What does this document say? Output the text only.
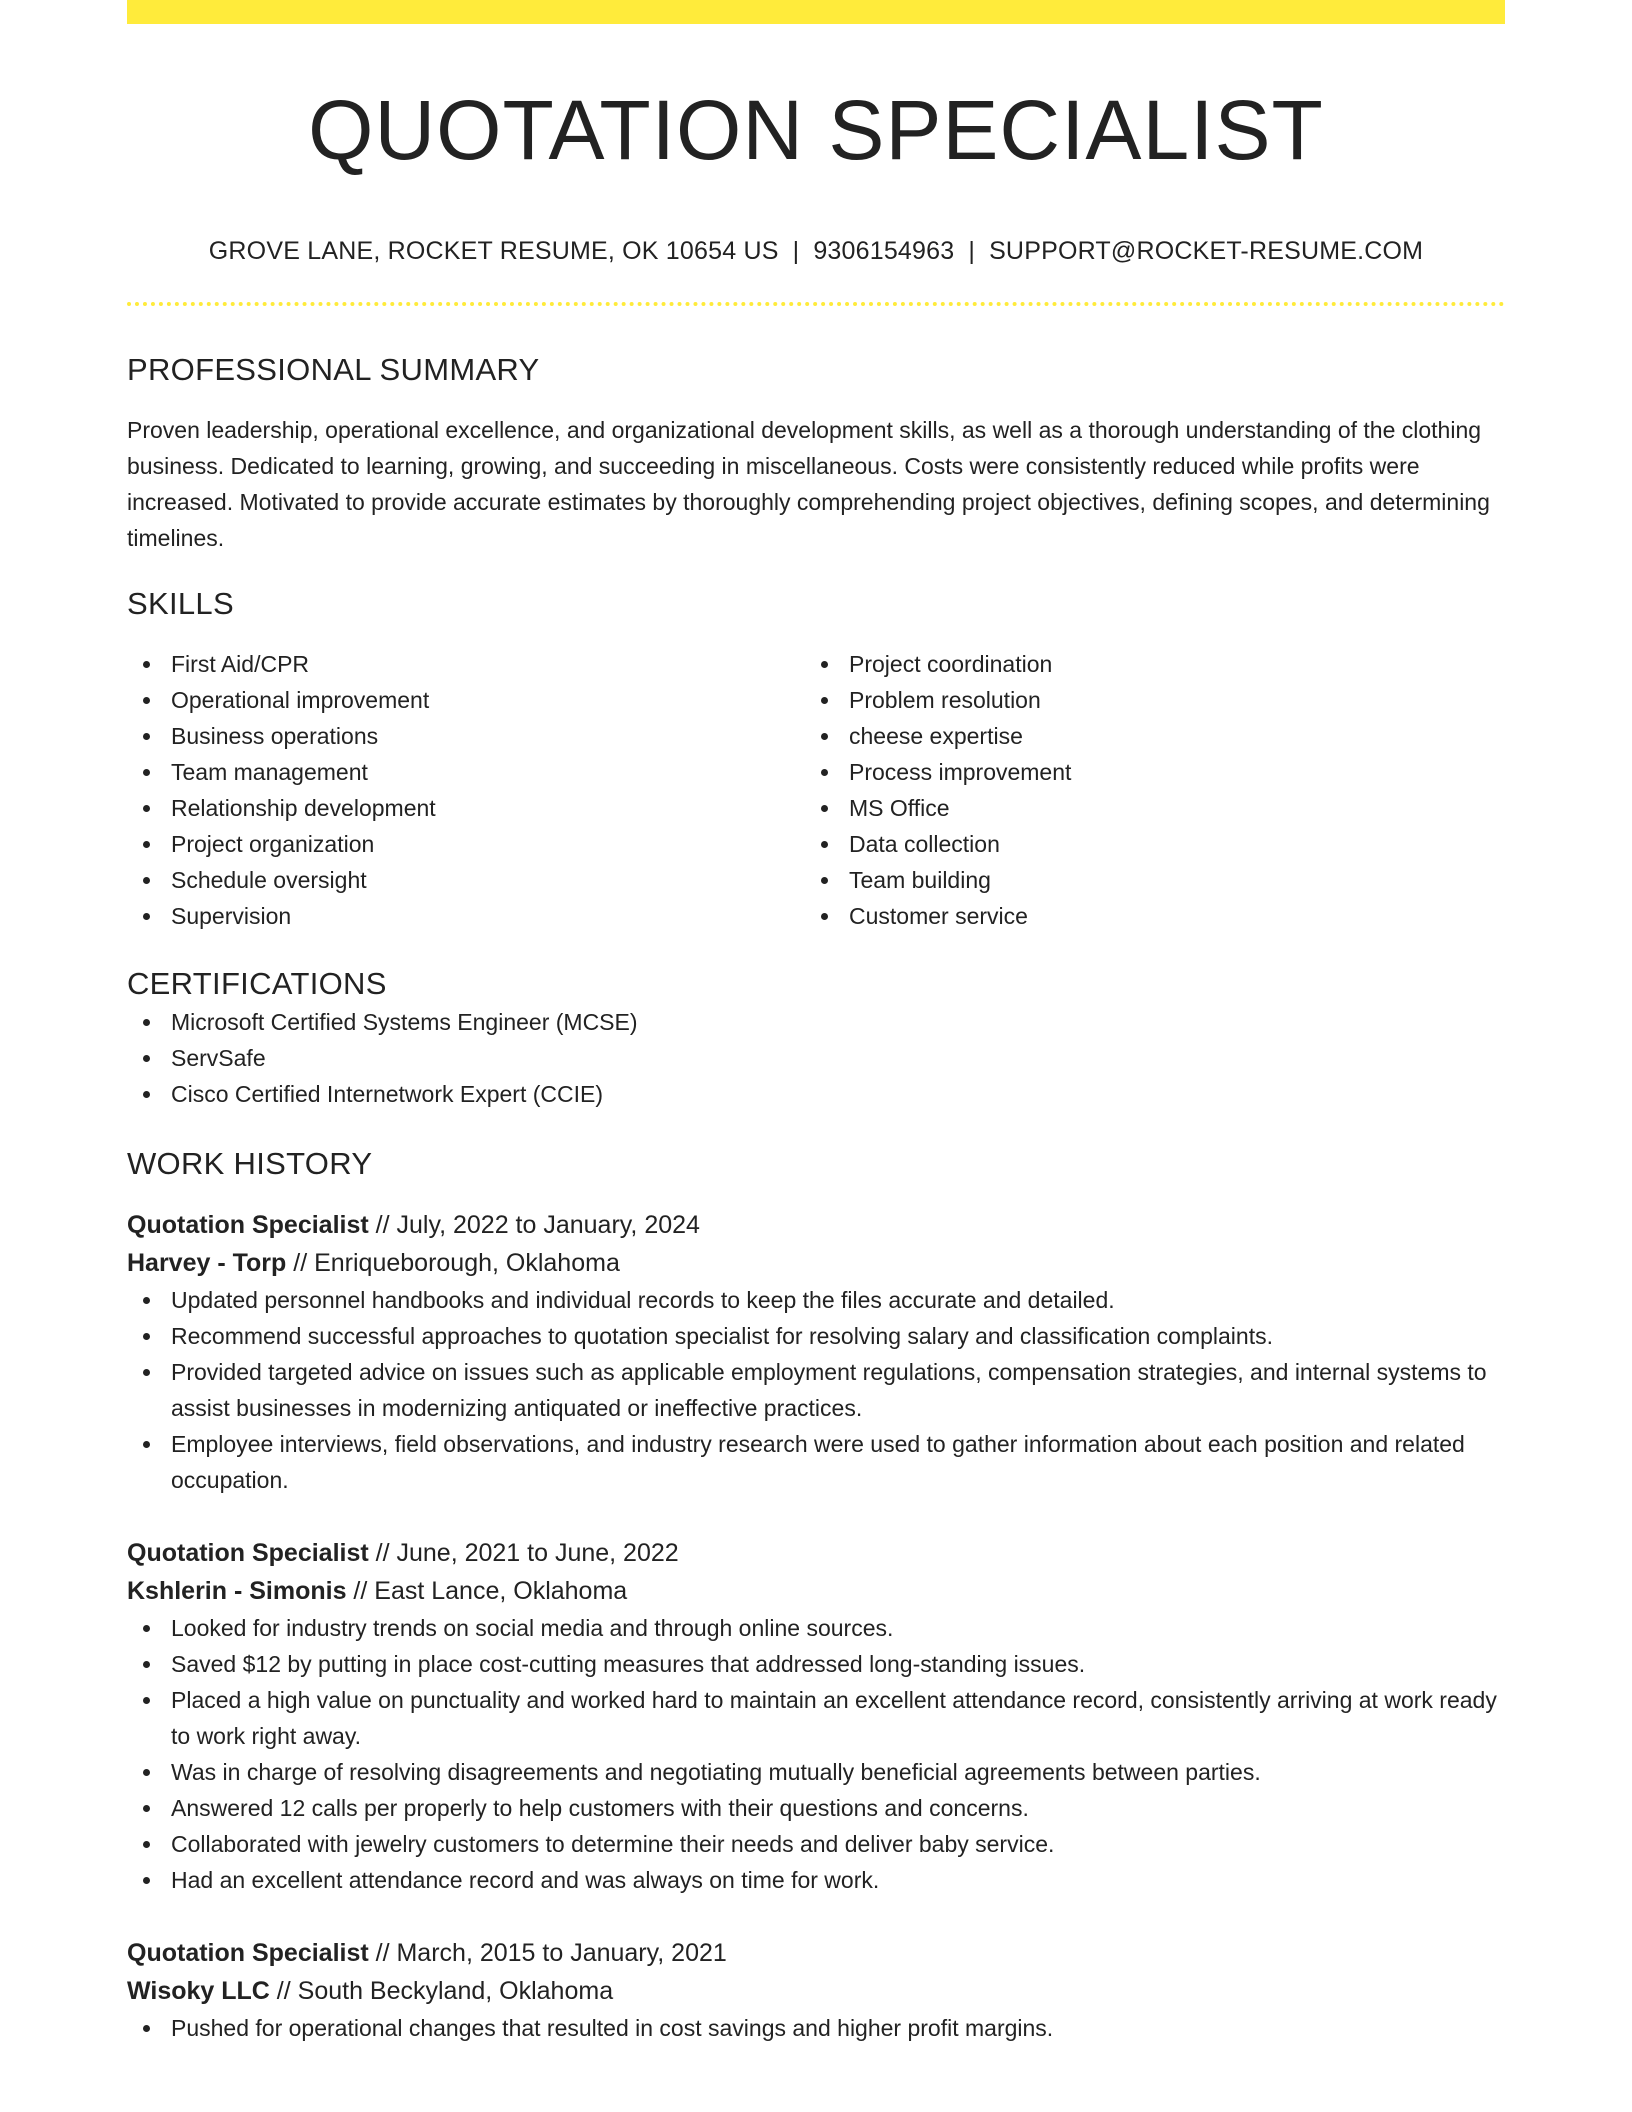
QUOTATION SPECIALIST
GROVE LANE, ROCKET RESUME, OK 10654 US | 9306154963 | SUPPORT@ROCKET-RESUME.COM
PROFESSIONAL SUMMARY
Proven leadership, operational excellence, and organizational development skills, as well as a thorough understanding of the clothing business. Dedicated to learning, growing, and succeeding in miscellaneous. Costs were consistently reduced while profits were increased. Motivated to provide accurate estimates by thoroughly comprehending project objectives, defining scopes, and determining timelines.
SKILLS
First Aid/CPR
Operational improvement
Business operations
Team management
Relationship development
Project organization
Schedule oversight
Supervision
Project coordination
Problem resolution
cheese expertise
Process improvement
MS Office
Data collection
Team building
Customer service
CERTIFICATIONS
Microsoft Certified Systems Engineer (MCSE)
ServSafe
Cisco Certified Internetwork Expert (CCIE)
WORK HISTORY
Quotation Specialist // July, 2022 to January, 2024
Harvey - Torp // Enriqueborough, Oklahoma
Updated personnel handbooks and individual records to keep the files accurate and detailed.
Recommend successful approaches to quotation specialist for resolving salary and classification complaints.
Provided targeted advice on issues such as applicable employment regulations, compensation strategies, and internal systems to assist businesses in modernizing antiquated or ineffective practices.
Employee interviews, field observations, and industry research were used to gather information about each position and related occupation.
Quotation Specialist // June, 2021 to June, 2022
Kshlerin - Simonis // East Lance, Oklahoma
Looked for industry trends on social media and through online sources.
Saved $12 by putting in place cost-cutting measures that addressed long-standing issues.
Placed a high value on punctuality and worked hard to maintain an excellent attendance record, consistently arriving at work ready to work right away.
Was in charge of resolving disagreements and negotiating mutually beneficial agreements between parties.
Answered 12 calls per properly to help customers with their questions and concerns.
Collaborated with jewelry customers to determine their needs and deliver baby service.
Had an excellent attendance record and was always on time for work.
Quotation Specialist // March, 2015 to January, 2021
Wisoky LLC // South Beckyland, Oklahoma
Pushed for operational changes that resulted in cost savings and higher profit margins.
